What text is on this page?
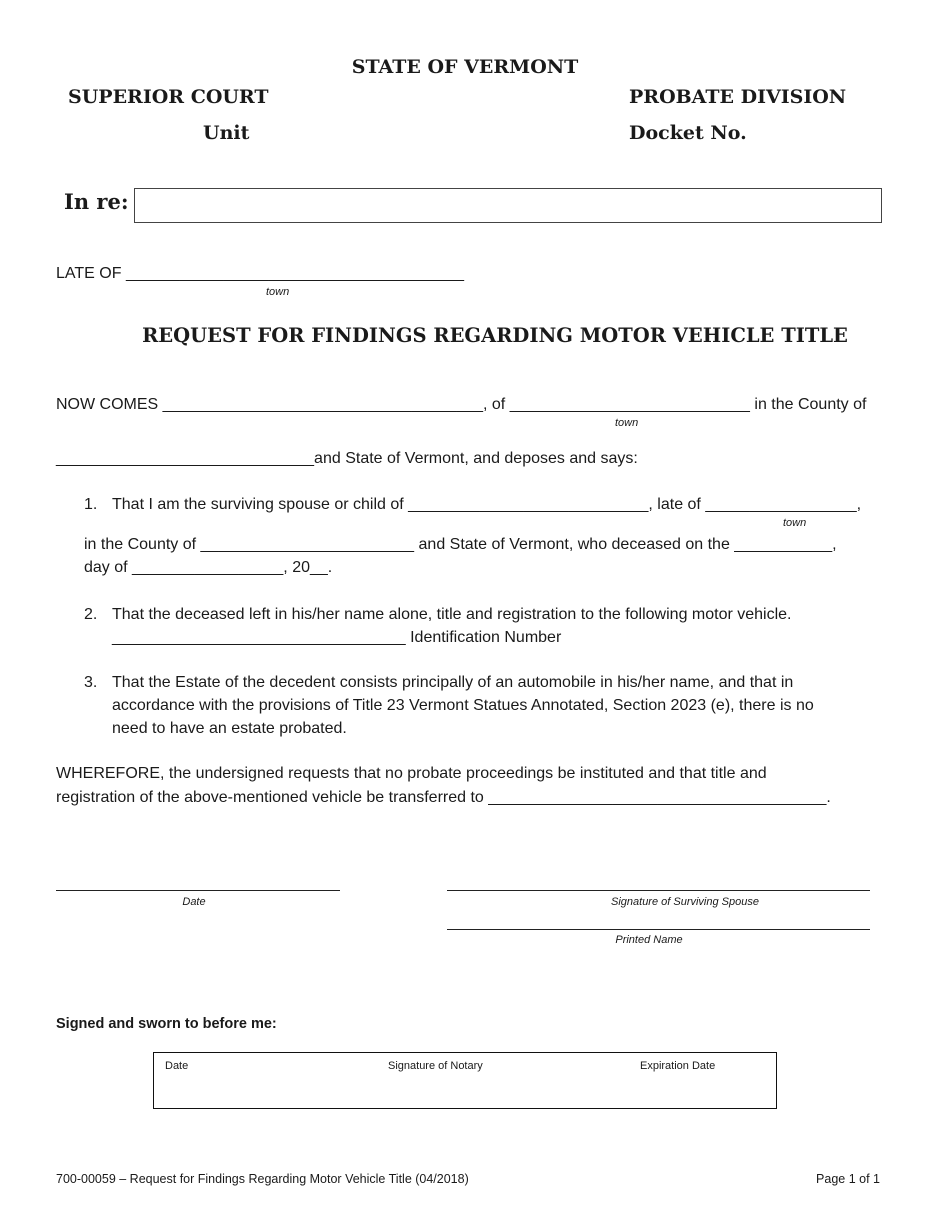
STATE OF VERMONT
SUPERIOR COURT	PROBATE DIVISION
Unit	Docket No.
In re:
LATE OF ______________________________________
town
REQUEST FOR FINDINGS REGARDING MOTOR VEHICLE TITLE
NOW COMES ____________________________________, of ___________________________ in the County of
town
_____________________________and State of Vermont, and deposes and says:
1. That I am the surviving spouse or child of ___________________________, late of _________________,
town
in the County of ________________________ and State of Vermont, who deceased on the ___________,
day of _________________, 20__.
2. That the deceased left in his/her name alone, title and registration to the following motor vehicle.
_________________________________ Identification Number
3. That the Estate of the decedent consists principally of an automobile in his/her name, and that in
accordance with the provisions of Title 23 Vermont Statues Annotated, Section 2023 (e), there is no
need to have an estate probated.
WHEREFORE, the undersigned requests that no probate proceedings be instituted and that title and
registration of the above-mentioned vehicle be transferred to ______________________________________.
Date	Signature of Surviving Spouse
Printed Name
Signed and sworn to before me:
Date	Signature of Notary	Expiration Date
700-00059 – Request for Findings Regarding Motor Vehicle Title (04/2018)	Page 1 of 1
